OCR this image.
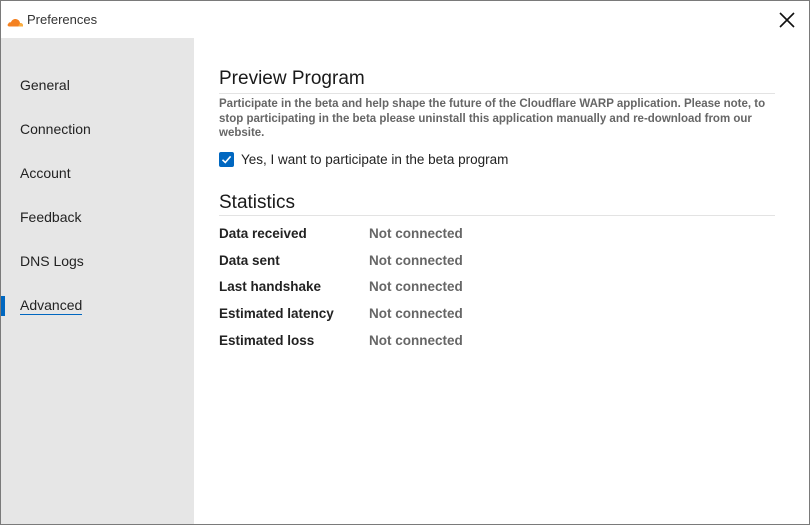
Preferences
General
Connection
Account
Feedback
DNS Logs
Advanced
Preview Program
Participate in the beta and help shape the future of the Cloudflare WARP application. Please note, to stop participating in the beta please uninstall this application manually and re-download from our website.
Yes, I want to participate in the beta program
Statistics
Data received	Not connected
Data sent	Not connected
Last handshake	Not connected
Estimated latency	Not connected
Estimated loss	Not connected
